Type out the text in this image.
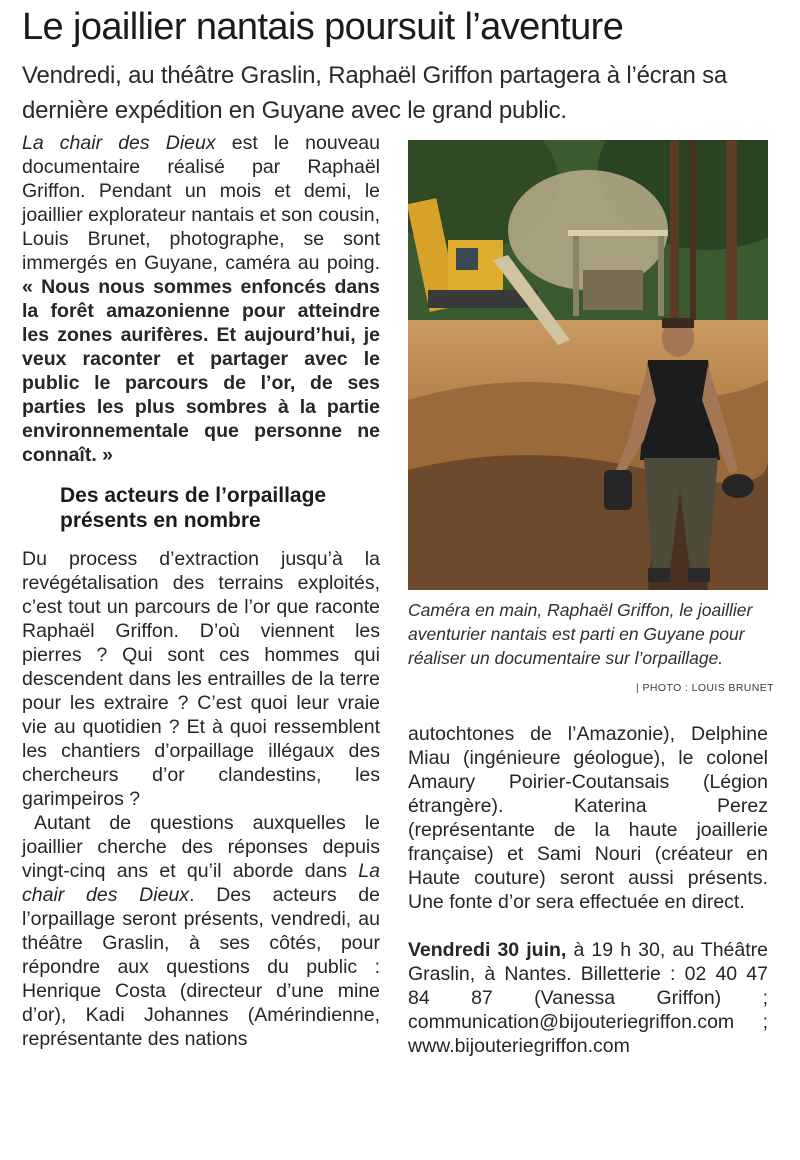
Le joaillier nantais poursuit l’aventure
Vendredi, au théâtre Graslin, Raphaël Griffon partagera à l’écran sa dernière expédition en Guyane avec le grand public.

La chair des Dieux est le nouveau documentaire réalisé par Raphaël Griffon. Pendant un mois et demi, le joaillier explorateur nantais et son cousin, Louis Brunet, photographe, se sont immergés en Guyane, caméra au poing. « Nous nous sommes enfoncés dans la forêt amazonienne pour atteindre les zones aurifères. Et aujourd’hui, je veux raconter et partager avec le public le parcours de l’or, de ses parties les plus sombres à la partie environnementale que personne ne connaît. »

Des acteurs de l’orpaillage présents en nombre

Du process d’extraction jusqu’à la revégétalisation des terrains exploités, c’est tout un parcours de l’or que raconte Raphaël Griffon. D’où viennent les pierres ? Qui sont ces hommes qui descendent dans les entrailles de la terre pour les extraire ? C’est quoi leur vraie vie au quotidien ? Et à quoi ressemblent les chantiers d’orpaillage illégaux des chercheurs d’or clandestins, les garimpeiros ?

Autant de questions auxquelles le joaillier cherche des réponses depuis vingt-cinq ans et qu’il aborde dans La chair des Dieux. Des acteurs de l’orpaillage seront présents, vendredi, au théâtre Graslin, à ses côtés, pour répondre aux questions du public : Henrique Costa (directeur d’une mine d’or), Kadi Johannes (Amérindienne, représentante des nations

Caméra en main, Raphaël Griffon, le joaillier aventurier nantais est parti en Guyane pour réaliser un documentaire sur l’orpaillage.
| PHOTO : LOUIS BRUNET

autochtones de l’Amazonie), Delphine Miau (ingénieure géologue), le colonel Amaury Poirier-Coutansais (Légion étrangère). Katerina Perez (représentante de la haute joaillerie française) et Sami Nouri (créateur en Haute couture) seront aussi présents. Une fonte d’or sera effectuée en direct.

Vendredi 30 juin, à 19 h 30, au Théâtre Graslin, à Nantes. Billetterie : 02 40 47 84 87 (Vanessa Griffon) ; communication@bijouteriegriffon.com ; www.bijouteriegriffon.com
